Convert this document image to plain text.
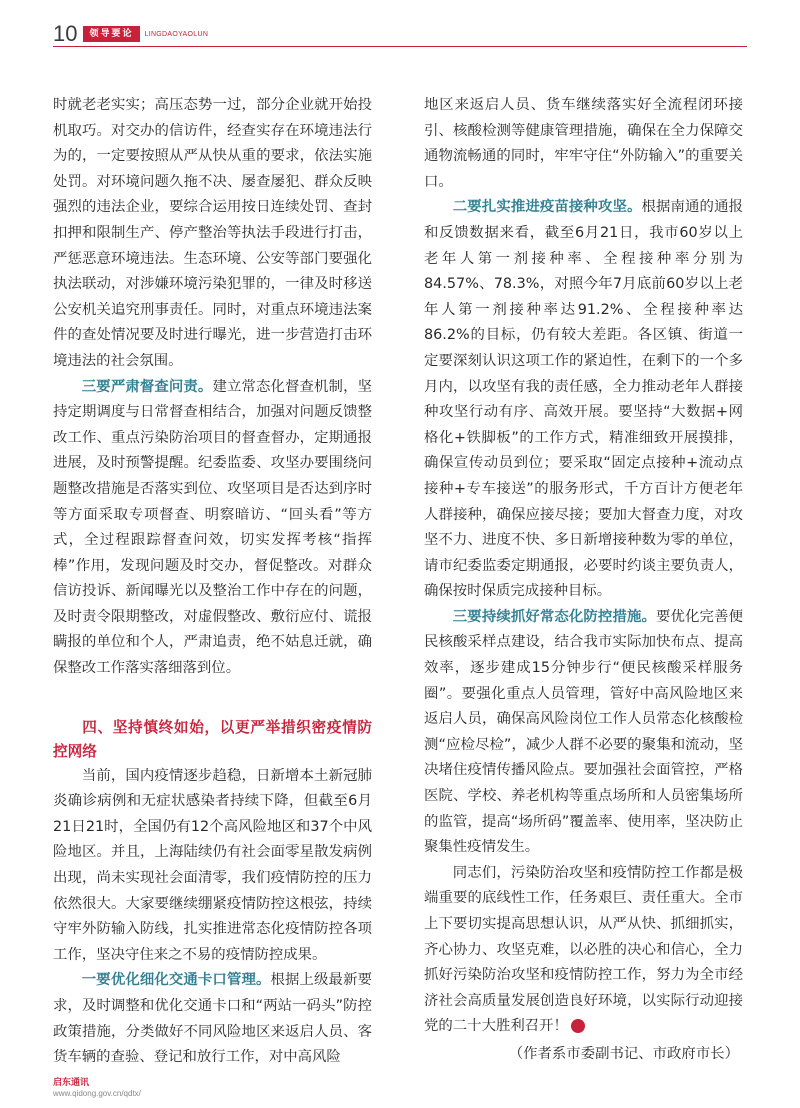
10	领导要论	LINGDAOYAOLUN

时就老老实实；高压态势一过，部分企业就开始投机取巧。对交办的信访件，经查实存在环境违法行为的，一定要按照从严从快从重的要求，依法实施处罚。对环境问题久拖不决、屡查屡犯、群众反映强烈的违法企业，要综合运用按日连续处罚、查封扣押和限制生产、停产整治等执法手段进行打击，严惩恶意环境违法。生态环境、公安等部门要强化执法联动，对涉嫌环境污染犯罪的，一律及时移送公安机关追究刑事责任。同时，对重点环境违法案件的查处情况要及时进行曝光，进一步营造打击环境违法的社会氛围。

三要严肃督查问责。建立常态化督查机制，坚持定期调度与日常督查相结合，加强对问题反馈整改工作、重点污染防治项目的督查督办，定期通报进展，及时预警提醒。纪委监委、攻坚办要围绕问题整改措施是否落实到位、攻坚项目是否达到序时等方面采取专项督查、明察暗访、“回头看”等方式，全过程跟踪督查问效，切实发挥考核“指挥棒”作用，发现问题及时交办，督促整改。对群众信访投诉、新闻曝光以及整治工作中存在的问题，及时责令限期整改，对虚假整改、敷衍应付、谎报瞒报的单位和个人，严肃追责，绝不姑息迁就，确保整改工作落实落细落到位。

四、坚持慎终如始，以更严举措织密疫情防控网络

当前，国内疫情逐步趋稳，日新增本土新冠肺炎确诊病例和无症状感染者持续下降，但截至6月21日21时，全国仍有12个高风险地区和37个中风险地区。并且，上海陆续仍有社会面零星散发病例出现，尚未实现社会面清零，我们疫情防控的压力依然很大。大家要继续绷紧疫情防控这根弦，持续守牢外防输入防线，扎实推进常态化疫情防控各项工作，坚决守住来之不易的疫情防控成果。

一要优化细化交通卡口管理。根据上级最新要求，及时调整和优化交通卡口和“两站一码头”防控政策措施，分类做好不同风险地区来返启人员、客货车辆的查验、登记和放行工作，对中高风险

地区来返启人员、货车继续落实好全流程闭环接引、核酸检测等健康管理措施，确保在全力保障交通物流畅通的同时，牢牢守住“外防输入”的重要关口。

二要扎实推进疫苗接种攻坚。根据南通的通报和反馈数据来看，截至6月21日，我市60岁以上老年人第一剂接种率、全程接种率分别为84.57%、78.3%，对照今年7月底前60岁以上老年人第一剂接种率达91.2%、全程接种率达86.2%的目标，仍有较大差距。各区镇、街道一定要深刻认识这项工作的紧迫性，在剩下的一个多月内，以攻坚有我的责任感，全力推动老年人群接种攻坚行动有序、高效开展。要坚持“大数据+网格化+铁脚板”的工作方式，精准细致开展摸排，确保宣传动员到位；要采取“固定点接种+流动点接种+专车接送”的服务形式，千方百计方便老年人群接种，确保应接尽接；要加大督查力度，对攻坚不力、进度不快、多日新增接种数为零的单位，请市纪委监委定期通报，必要时约谈主要负责人，确保按时保质完成接种目标。

三要持续抓好常态化防控措施。要优化完善便民核酸采样点建设，结合我市实际加快布点、提高效率，逐步建成15分钟步行“便民核酸采样服务圈”。要强化重点人员管理，管好中高风险地区来返启人员，确保高风险岗位工作人员常态化核酸检测“应检尽检”，减少人群不必要的聚集和流动，坚决堵住疫情传播风险点。要加强社会面管控，严格医院、学校、养老机构等重点场所和人员密集场所的监管，提高“场所码”覆盖率、使用率，坚决防止聚集性疫情发生。

同志们，污染防治攻坚和疫情防控工作都是极端重要的底线性工作，任务艰巨、责任重大。全市上下要切实提高思想认识，从严从快、抓细抓实，齐心协力、攻坚克难，以必胜的决心和信心，全力抓好污染防治攻坚和疫情防控工作，努力为全市经济社会高质量发展创造良好环境，以实际行动迎接党的二十大胜利召开！	启

（作者系市委副书记、市政府市长）

启东通讯
www.qidong.gov.cn/qdtx/
